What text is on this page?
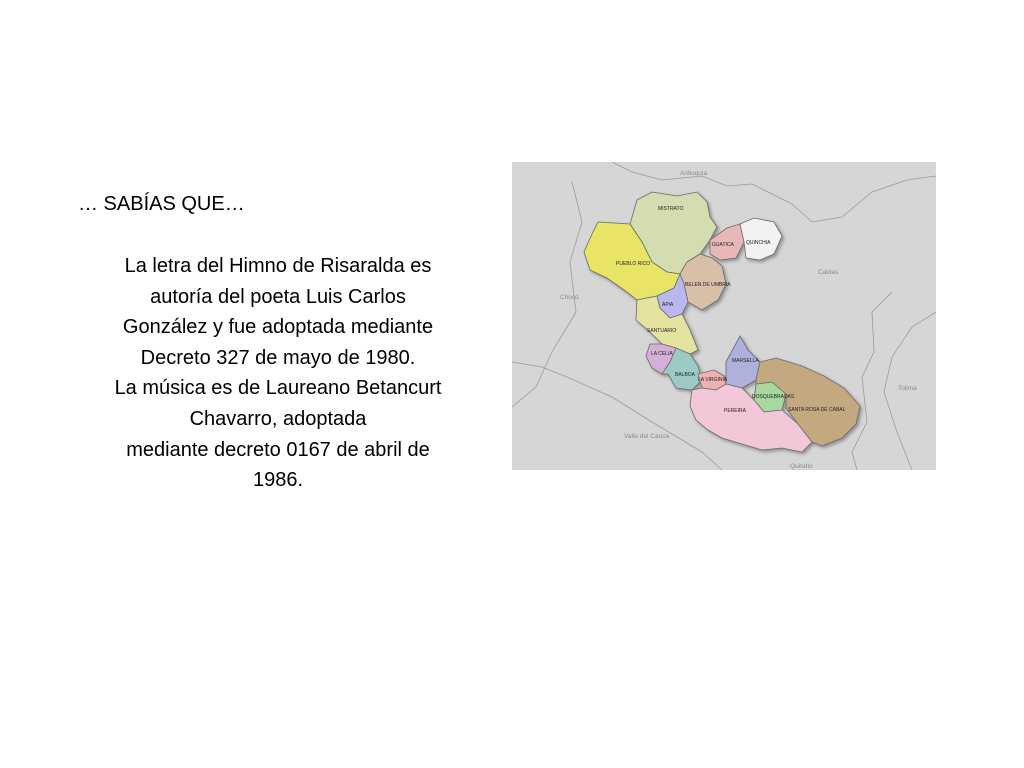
… SABÍAS QUE…
La letra del Himno de Risaralda es
autoría del poeta Luis Carlos
González y fue adoptada mediante
Decreto 327 de mayo de 1980.
La música es de Laureano Betancurt
Chavarro, adoptada
mediante decreto 0167 de abril de
1986.
MISTRATO
GUATICA QUINCHIA
PUEBLO RICO
BELEN DE UMBRIA
APIA
SANTUARIO
LA CELIA
BALBOA
MARSELLA
LA VIRGINIA
DOSQUEBRADAS
PEREIRA	SANTA ROSA DE CABAL
Antioquia
Chocó
Caldas
Tolima
Valle del Cauca
Quindío
